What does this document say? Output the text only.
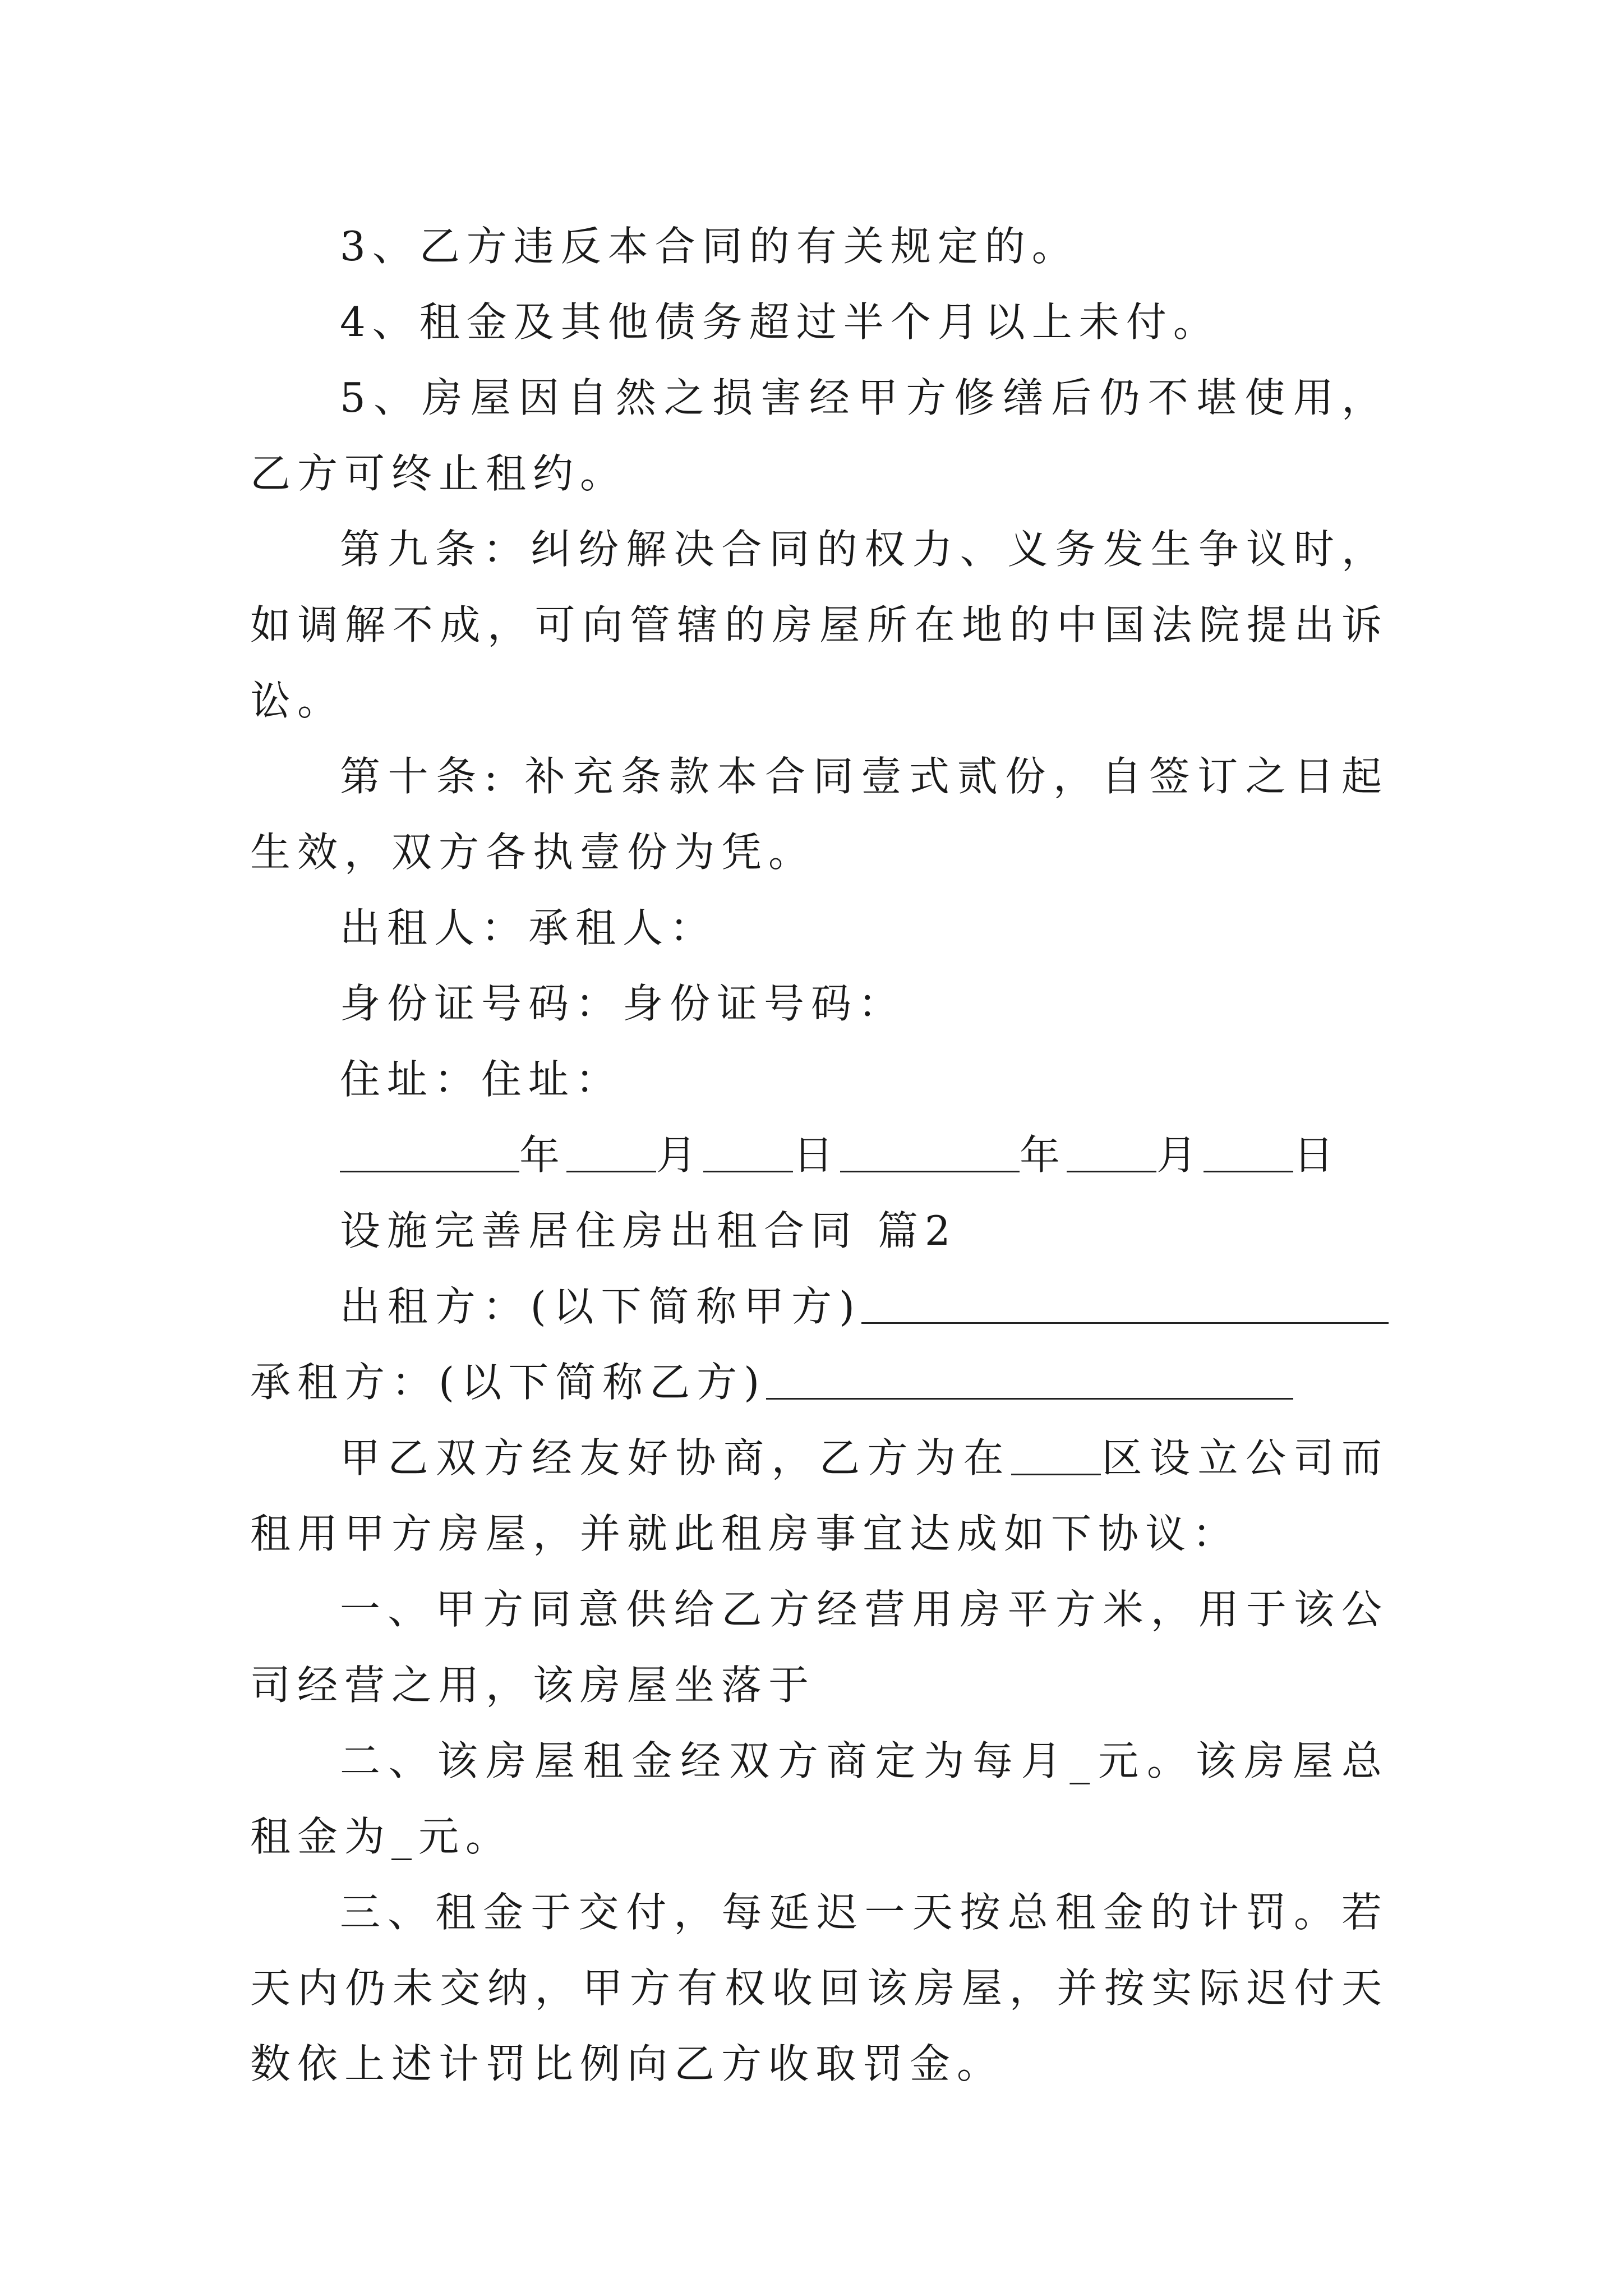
3、乙方违反本合同的有关规定的。

4、租金及其他债务超过半个月以上未付。

5、房屋因自然之损害经甲方修缮后仍不堪使用，乙方可终止租约。

第九条：纠纷解决合同的权力、义务发生争议时，如调解不成，可向管辖的房屋所在地的中国法院提出诉讼。

第十条: 补充条款本合同壹式贰份，自签订之日起生效，双方各执壹份为凭。

出租人：承租人：

身份证号码：身份证号码：

住址：住址：

年 月 日	年 月 日

设施完善居住房出租合同 篇2

出租方：(以下简称甲方)承租方：(以下简称乙方)

甲乙双方经友好协商，乙方为在 区设立公司而租用甲方房屋，并就此租房事宜达成如下协议：

一、甲方同意供给乙方经营用房平方米，用于该公司经营之用，该房屋坐落于

二、该房屋租金经双方商定为每月_元。该房屋总租金为_元。

三、租金于交付，每延迟一天按总租金的计罚。若天内仍未交纳，甲方有权收回该房屋，并按实际迟付天数依上述计罚比例向乙方收取罚金。
